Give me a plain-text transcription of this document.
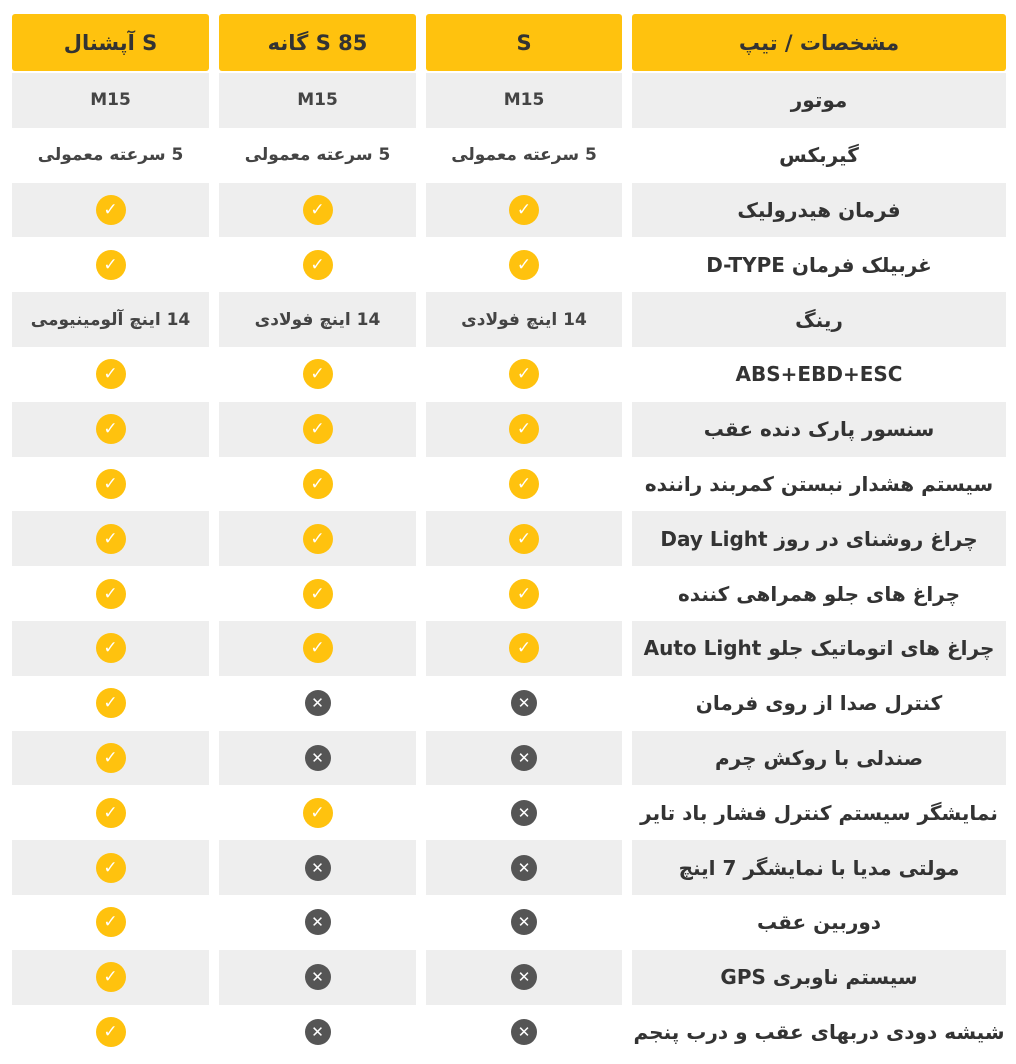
مشخصات / تیپ
S
S 85 گانه
S آپشنال
موتور
M15
M15
M15
گیربکس
5 سرعته معمولی
5 سرعته معمولی
5 سرعته معمولی
فرمان هیدرولیک
✓
✓
✓
غربیلک فرمان D-TYPE
✓
✓
✓
رینگ
14 اینچ فولادی
14 اینچ فولادی
14 اینچ آلومینیومی
ABS+EBD+ESC
✓
✓
✓
سنسور پارک دنده عقب
✓
✓
✓
سیستم هشدار نبستن کمربند راننده
✓
✓
✓
چراغ روشنای در روز Day Light
✓
✓
✓
چراغ های جلو همراهی کننده
✓
✓
✓
چراغ های اتوماتیک جلو Auto Light
✓
✓
✓
کنترل صدا از روی فرمان
✕
✕
✓
صندلی با روکش چرم
✕
✕
✓
نمایشگر سیستم کنترل فشار باد تایر
✕
✓
✓
مولتی مدیا با نمایشگر 7 اینچ
✕
✕
✓
دوربین عقب
✕
✕
✓
سیستم ناوبری GPS
✕
✕
✓
شیشه دودی دربهای عقب و درب پنجم
✕
✕
✓
